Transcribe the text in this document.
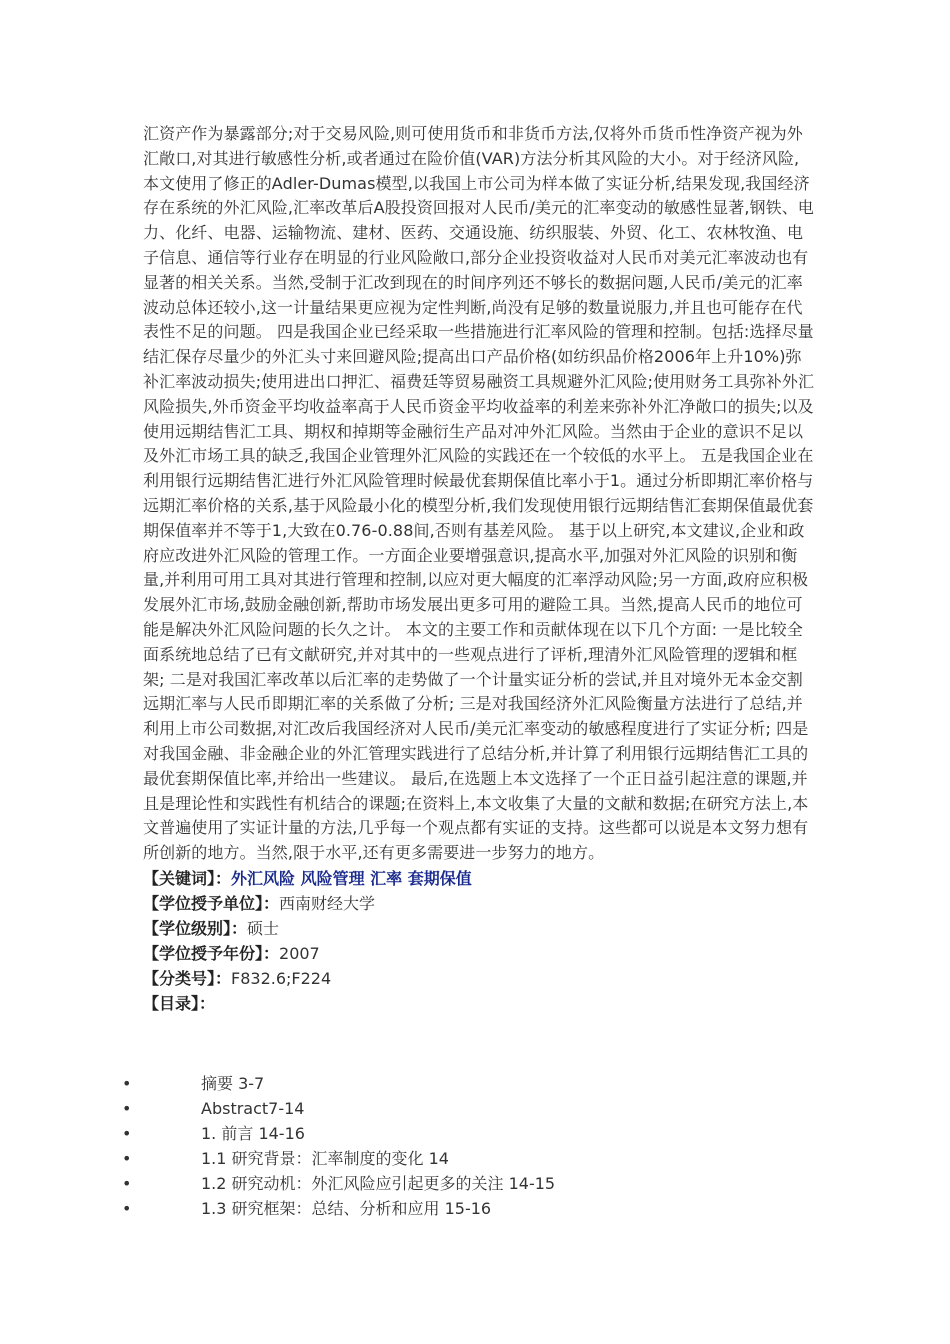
汇资产作为暴露部分;对于交易风险,则可使用货币和非货币方法,仅将外币货币性净资产视为外汇敞口,对其进行敏感性分析,或者通过在险价值(VAR)方法分析其风险的大小。对于经济风险,本文使用了修正的Adler-Dumas模型,以我国上市公司为样本做了实证分析,结果发现,我国经济存在系统的外汇风险,汇率改革后A股投资回报对人民币/美元的汇率变动的敏感性显著,钢铁、电力、化纤、电器、运输物流、建材、医药、交通设施、纺织服装、外贸、化工、农林牧渔、电子信息、通信等行业存在明显的行业风险敞口,部分企业投资收益对人民币对美元汇率波动也有显著的相关关系。当然,受制于汇改到现在的时间序列还不够长的数据问题,人民币/美元的汇率波动总体还较小,这一计量结果更应视为定性判断,尚没有足够的数量说服力,并且也可能存在代表性不足的问题。 四是我国企业已经采取一些措施进行汇率风险的管理和控制。包括:选择尽量结汇保存尽量少的外汇头寸来回避风险;提高出口产品价格(如纺织品价格2006年上升10%)弥补汇率波动损失;使用进出口押汇、福费廷等贸易融资工具规避外汇风险;使用财务工具弥补外汇风险损失,外币资金平均收益率高于人民币资金平均收益率的利差来弥补外汇净敞口的损失;以及使用远期结售汇工具、期权和掉期等金融衍生产品对冲外汇风险。当然由于企业的意识不足以及外汇市场工具的缺乏,我国企业管理外汇风险的实践还在一个较低的水平上。 五是我国企业在利用银行远期结售汇进行外汇风险管理时候最优套期保值比率小于1。通过分析即期汇率价格与远期汇率价格的关系,基于风险最小化的模型分析,我们发现使用银行远期结售汇套期保值最优套期保值率并不等于1,大致在0.76-0.88间,否则有基差风险。 基于以上研究,本文建议,企业和政府应改进外汇风险的管理工作。一方面企业要增强意识,提高水平,加强对外汇风险的识别和衡量,并利用可用工具对其进行管理和控制,以应对更大幅度的汇率浮动风险;另一方面,政府应积极发展外汇市场,鼓励金融创新,帮助市场发展出更多可用的避险工具。当然,提高人民币的地位可能是解决外汇风险问题的长久之计。 本文的主要工作和贡献体现在以下几个方面: 一是比较全面系统地总结了已有文献研究,并对其中的一些观点进行了评析,理清外汇风险管理的逻辑和框架; 二是对我国汇率改革以后汇率的走势做了一个计量实证分析的尝试,并且对境外无本金交割远期汇率与人民币即期汇率的关系做了分析; 三是对我国经济外汇风险衡量方法进行了总结,并利用上市公司数据,对汇改后我国经济对人民币/美元汇率变动的敏感程度进行了实证分析; 四是对我国金融、非金融企业的外汇管理实践进行了总结分析,并计算了利用银行远期结售汇工具的最优套期保值比率,并给出一些建议。 最后,在选题上本文选择了一个正日益引起注意的课题,并且是理论性和实践性有机结合的课题;在资料上,本文收集了大量的文献和数据;在研究方法上,本文普遍使用了实证计量的方法,几乎每一个观点都有实证的支持。这些都可以说是本文努力想有所创新的地方。当然,限于水平,还有更多需要进一步努力的地方。

【关键词】：外汇风险 风险管理 汇率 套期保值
【学位授予单位】：西南财经大学
【学位级别】：硕士
【学位授予年份】：2007
【分类号】：F832.6;F224
【目录】：
•	摘要 3-7
•	Abstract7-14
•	1. 前言 14-16
•	1.1 研究背景：汇率制度的变化 14
•	1.2 研究动机：外汇风险应引起更多的关注 14-15
•	1.3 研究框架：总结、分析和应用 15-16
